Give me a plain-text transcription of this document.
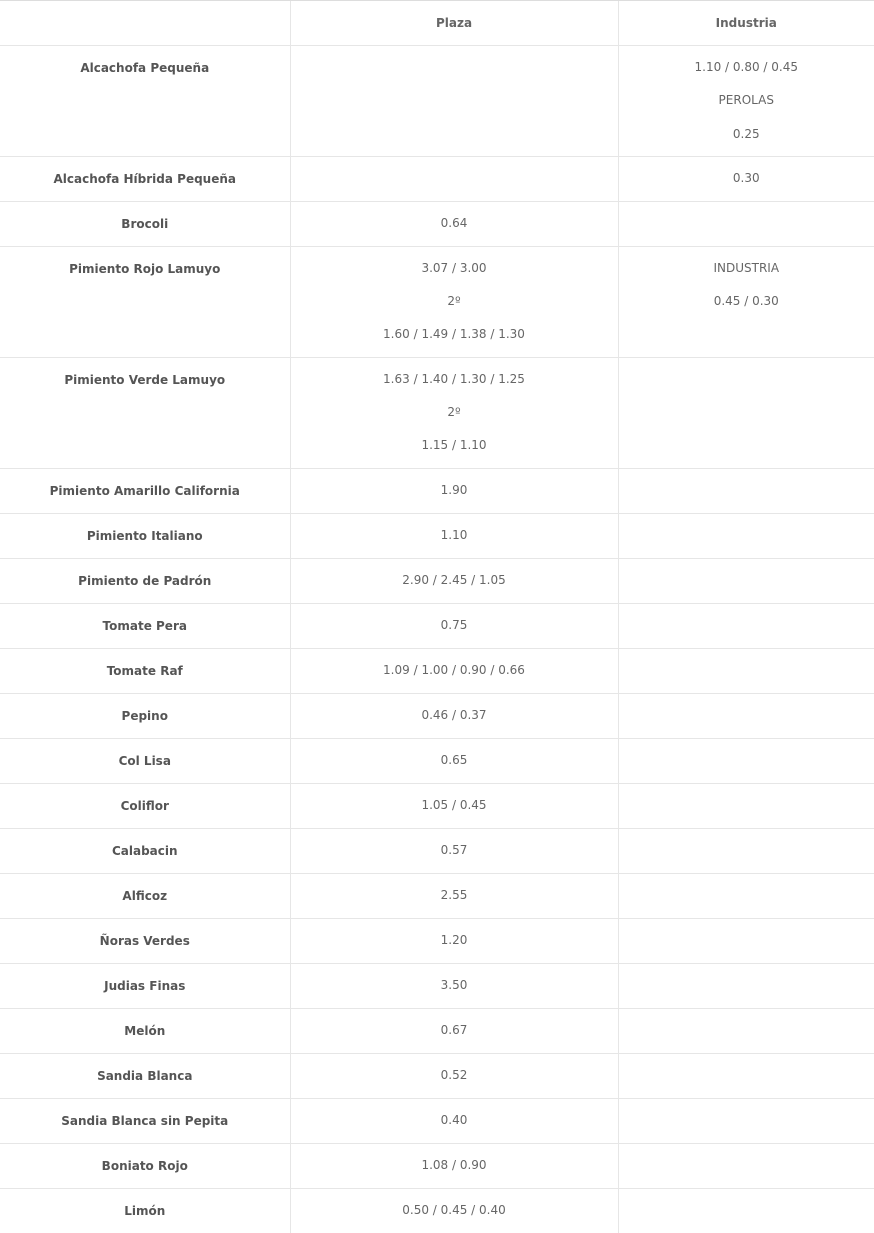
	Plaza	Industria

Alcachofa Pequeña		1.10 / 0.80 / 0.45
PEROLAS
0.25

Alcachofa Híbrida Pequeña		0.30

Brocoli	0.64	

Pimiento Rojo Lamuyo	3.07 / 3.00
2º
1.60 / 1.49 / 1.38 / 1.30	INDUSTRIA
0.45 / 0.30

Pimiento Verde Lamuyo	1.63 / 1.40 / 1.30 / 1.25
2º
1.15 / 1.10	

Pimiento Amarillo California	1.90	

Pimiento Italiano	1.10	

Pimiento de Padrón	2.90 / 2.45 / 1.05	

Tomate Pera	0.75	

Tomate Raf	1.09 / 1.00 / 0.90 / 0.66	

Pepino	0.46 / 0.37	

Col Lisa	0.65	

Coliflor	1.05 / 0.45	

Calabacin	0.57	

Alficoz	2.55	

Ñoras Verdes	1.20	

Judias Finas	3.50	

Melón	0.67	

Sandia Blanca	0.52	

Sandia Blanca sin Pepita	0.40	

Boniato Rojo	1.08 / 0.90	

Limón	0.50 / 0.45 / 0.40	
